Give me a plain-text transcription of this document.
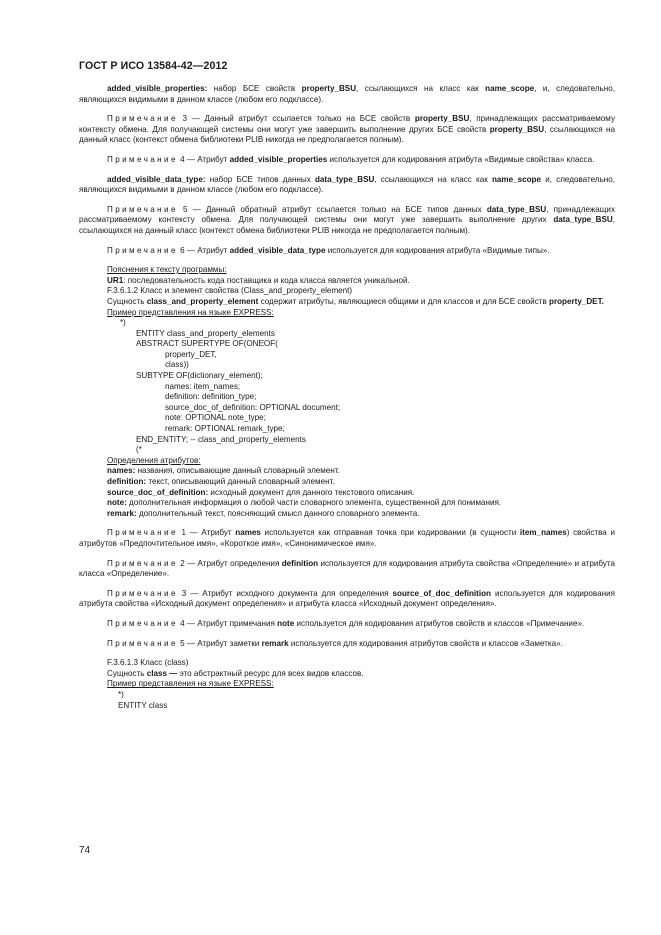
ГОСТ Р ИСО 13584-42—2012

added_visible_properties: набор БСЕ свойств property_BSU, ссылающихся на класс как name_scope, и, следовательно, являющихся видимыми в данном классе (любом его подклассе).

Примечание 3 — Данный атрибут ссылается только на БСЕ свойств property_BSU, принадлежащих рассматриваемому контексту обмена. Для получающей системы они могут уже завершить выполнение других БСЕ свойств property_BSU, ссылающихся на данный класс (контекст обмена библиотеки PLIB никогда не предполагается полным).

Примечание 4 — Атрибут added_visible_properties используется для кодирования атрибута «Видимые свойства» класса.

added_visible_data_type: набор БСЕ типов данных data_type_BSU, ссылающихся на класс как name_scope и, следовательно, являющихся видимыми в данном классе (любом его подклассе).

Примечание 5 — Данный обратный атрибут ссылается только на БСЕ типов данных data_type_BSU, принадлежащих рассматриваемому контексту обмена. Для получающей системы они могут уже завершить выполнение других data_type_BSU, ссылающихся на данный класс (контекст обмена библиотеки PLIB никогда не предполагается полным).

Примечание 6 — Атрибут added_visible_data_type используется для кодирования атрибута «Видимые типы».

Пояснения к тексту программы:

UR1: последовательность кода поставщика и кода класса является уникальной.

F.3.6.1.2 Класс и элемент свойства (Class_and_property_element)

Сущность class_and_property_element содержит атрибуты, являющиеся общими и для классов и для БСЕ свойств property_DET.

Пример представления на языке EXPRESS:

*)
ENTITY class_and_property_elements
ABSTRACT SUPERTYPE OF(ONEOF(
property_DET,
class))
SUBTYPE OF(dictionary_element);
names: item_names;
definition: definition_type;
source_doc_of_definition: OPTIONAL document;
note: OPTIONAL note_type;
remark: OPTIONAL remark_type;
END_ENTITY; -- class_and_property_elements
(*

Определения атрибутов:

names: названия, описывающие данный словарный элемент.

definition: текст, описывающий данный словарный элемент.

source_doc_of_definition: исходный документ для данного текстового описания.

note: дополнительная информация о любой части словарного элемента, существенной для понимания.

remark: дополнительный текст, поясняющий смысл данного словарного элемента.

Примечание 1 — Атрибут names используется как отправная точка при кодировании (в сущности item_names) свойства и атрибутов «Предпочтительное имя», «Короткое имя», «Синонимическое имя».

Примечание 2 — Атрибут определения definition используется для кодирования атрибута свойства «Определение» и атрибута класса «Определение».

Примечание 3 — Атрибут исходного документа для определения source_of_doc_definition используется для кодирования атрибута свойства «Исходный документ определения» и атрибута класса «Исходный документ определения».

Примечание 4 — Атрибут примечания note используется для кодирования атрибутов свойств и классов «Примечание».

Примечание 5 — Атрибут заметки remark используется для кодирования атрибутов свойств и классов «Заметка».

F.3.6.1.3 Класс (class)

Сущность class — это абстрактный ресурс для всех видов классов.

Пример представления на языке EXPRESS:

*)
ENTITY class
74
